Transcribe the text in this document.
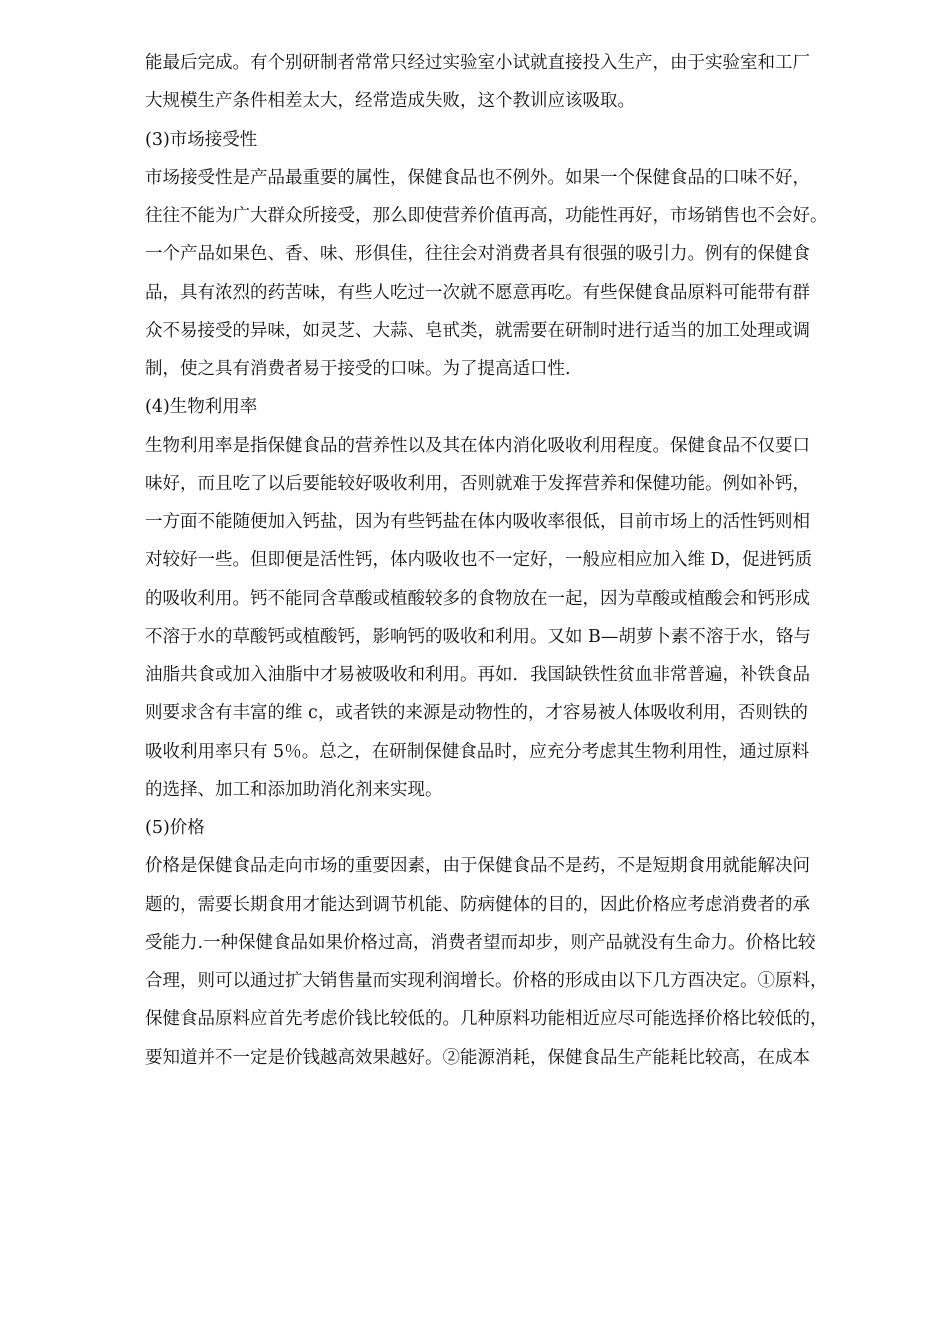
能最后完成。有个别研制者常常只经过实验室小试就直接投入生产，由于实验室和工厂
大规模生产条件相差太大，经常造成失败，这个教训应该吸取。
(3)市场接受性
市场接受性是产品最重要的属性，保健食品也不例外。如果一个保健食品的口味不好，
往往不能为广大群众所接受，那么即使营养价值再高，功能性再好，市场销售也不会好。
一个产品如果色、香、味、形俱佳，往往会对消费者具有很强的吸引力。例有的保健食
品，具有浓烈的药苦味，有些人吃过一次就不愿意再吃。有些保健食品原料可能带有群
众不易接受的异味，如灵芝、大蒜、皂甙类，就需要在研制时进行适当的加工处理或调
制，使之具有消费者易于接受的口味。为了提高适口性.
(4)生物利用率
生物利用率是指保健食品的营养性以及其在体内消化吸收利用程度。保健食品不仅要口
味好，而且吃了以后要能较好吸收利用，否则就难于发挥营养和保健功能。例如补钙，
一方面不能随便加入钙盐，因为有些钙盐在体内吸收率很低，目前市场上的活性钙则相
对较好一些。但即便是活性钙，体内吸收也不一定好，一般应相应加入维 D，促进钙质
的吸收利用。钙不能同含草酸或植酸较多的食物放在一起，因为草酸或植酸会和钙形成
不溶于水的草酸钙或植酸钙，影响钙的吸收和利用。又如 B—胡萝卜素不溶于水，铬与
油脂共食或加入油脂中才易被吸收和利用。再如．我国缺铁性贫血非常普遍，补铁食品
则要求含有丰富的维 c，或者铁的来源是动物性的，才容易被人体吸收利用，否则铁的
吸收利用率只有 5％。总之，在研制保健食品时，应充分考虑其生物利用性，通过原料
的选择、加工和添加助消化剂来实现。
(5)价格
价格是保健食品走向市场的重要因素，由于保健食品不是药，不是短期食用就能解决问
题的，需要长期食用才能达到调节机能、防病健体的目的，因此价格应考虑消费者的承
受能力.一种保健食品如果价格过高，消费者望而却步，则产品就没有生命力。价格比较
合理，则可以通过扩大销售量而实现利润增长。价格的形成由以下几方酉决定。①原料，
保健食品原料应首先考虑价钱比较低的。几种原料功能相近应尽可能选择价格比较低的，
要知道并不一定是价钱越高效果越好。②能源消耗，保健食品生产能耗比较高，在成本
